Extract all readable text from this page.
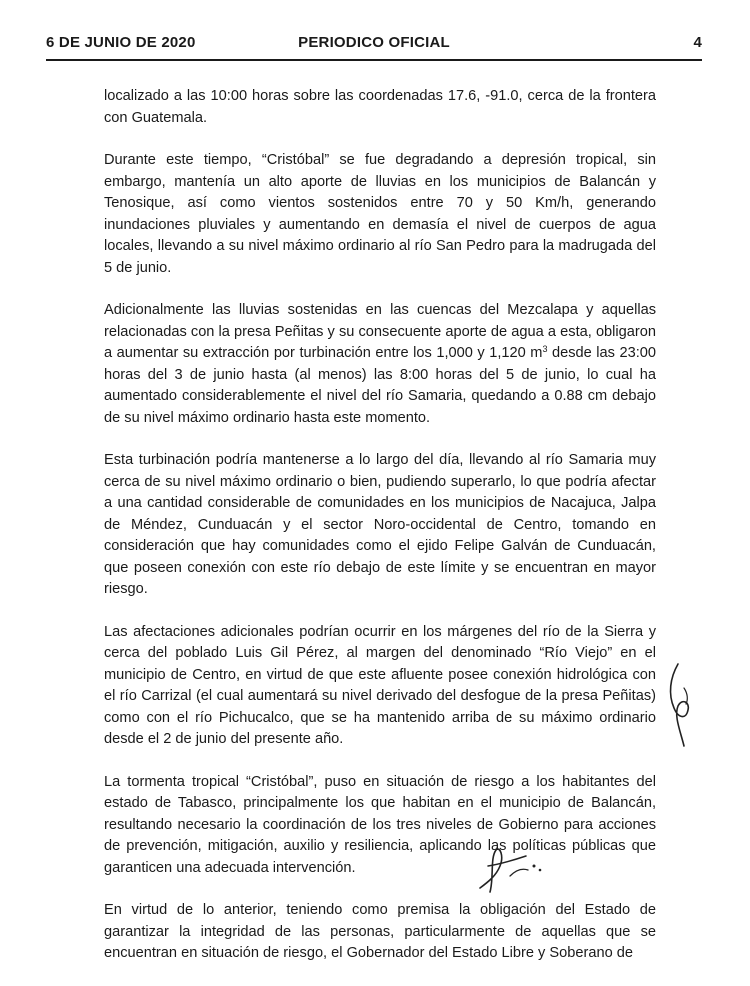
6 DE JUNIO DE 2020	PERIODICO OFICIAL	4

localizado a las 10:00 horas sobre las coordenadas 17.6, -91.0, cerca de la frontera con Guatemala.

Durante este tiempo, “Cristóbal” se fue degradando a depresión tropical, sin embargo, mantenía un alto aporte de lluvias en los municipios de Balancán y Tenosique, así como vientos sostenidos entre 70 y 50 Km/h, generando inundaciones pluviales y aumentando en demasía el nivel de cuerpos de agua locales, llevando a su nivel máximo ordinario al río San Pedro para la madrugada del 5 de junio.

Adicionalmente las lluvias sostenidas en las cuencas del Mezcalapa y aquellas relacionadas con la presa Peñitas y su consecuente aporte de agua a esta, obligaron a aumentar su extracción por turbinación entre los 1,000 y 1,120 $m^3$ desde las 23:00 horas del 3 de junio hasta (al menos) las 8:00 horas del 5 de junio, lo cual ha aumentado considerablemente el nivel del río Samaria, quedando a 0.88 cm debajo de su nivel máximo ordinario hasta este momento.

Esta turbinación podría mantenerse a lo largo del día, llevando al río Samaria muy cerca de su nivel máximo ordinario o bien, pudiendo superarlo, lo que podría afectar a una cantidad considerable de comunidades en los municipios de Nacajuca, Jalpa de Méndez, Cunduacán y el sector Noro-occidental de Centro, tomando en consideración que hay comunidades como el ejido Felipe Galván de Cunduacán, que poseen conexión con este río debajo de este límite y se encuentran en mayor riesgo.

Las afectaciones adicionales podrían ocurrir en los márgenes del río de la Sierra y cerca del poblado Luis Gil Pérez, al margen del denominado “Río Viejo” en el municipio de Centro, en virtud de que este afluente posee conexión hidrológica con el río Carrizal (el cual aumentará su nivel derivado del desfogue de la presa Peñitas) como con el río Pichucalco, que se ha mantenido arriba de su máximo ordinario desde el 2 de junio del presente año.

La tormenta tropical “Cristóbal”, puso en situación de riesgo a los habitantes del estado de Tabasco, principalmente los que habitan en el municipio de Balancán, resultando necesario la coordinación de los tres niveles de Gobierno para acciones de prevención, mitigación, auxilio y resiliencia, aplicando las políticas públicas que garanticen una adecuada intervención.

En virtud de lo anterior, teniendo como premisa la obligación del Estado de garantizar la integridad de las personas, particularmente de aquellas que se encuentran en situación de riesgo, el Gobernador del Estado Libre y Soberano de
